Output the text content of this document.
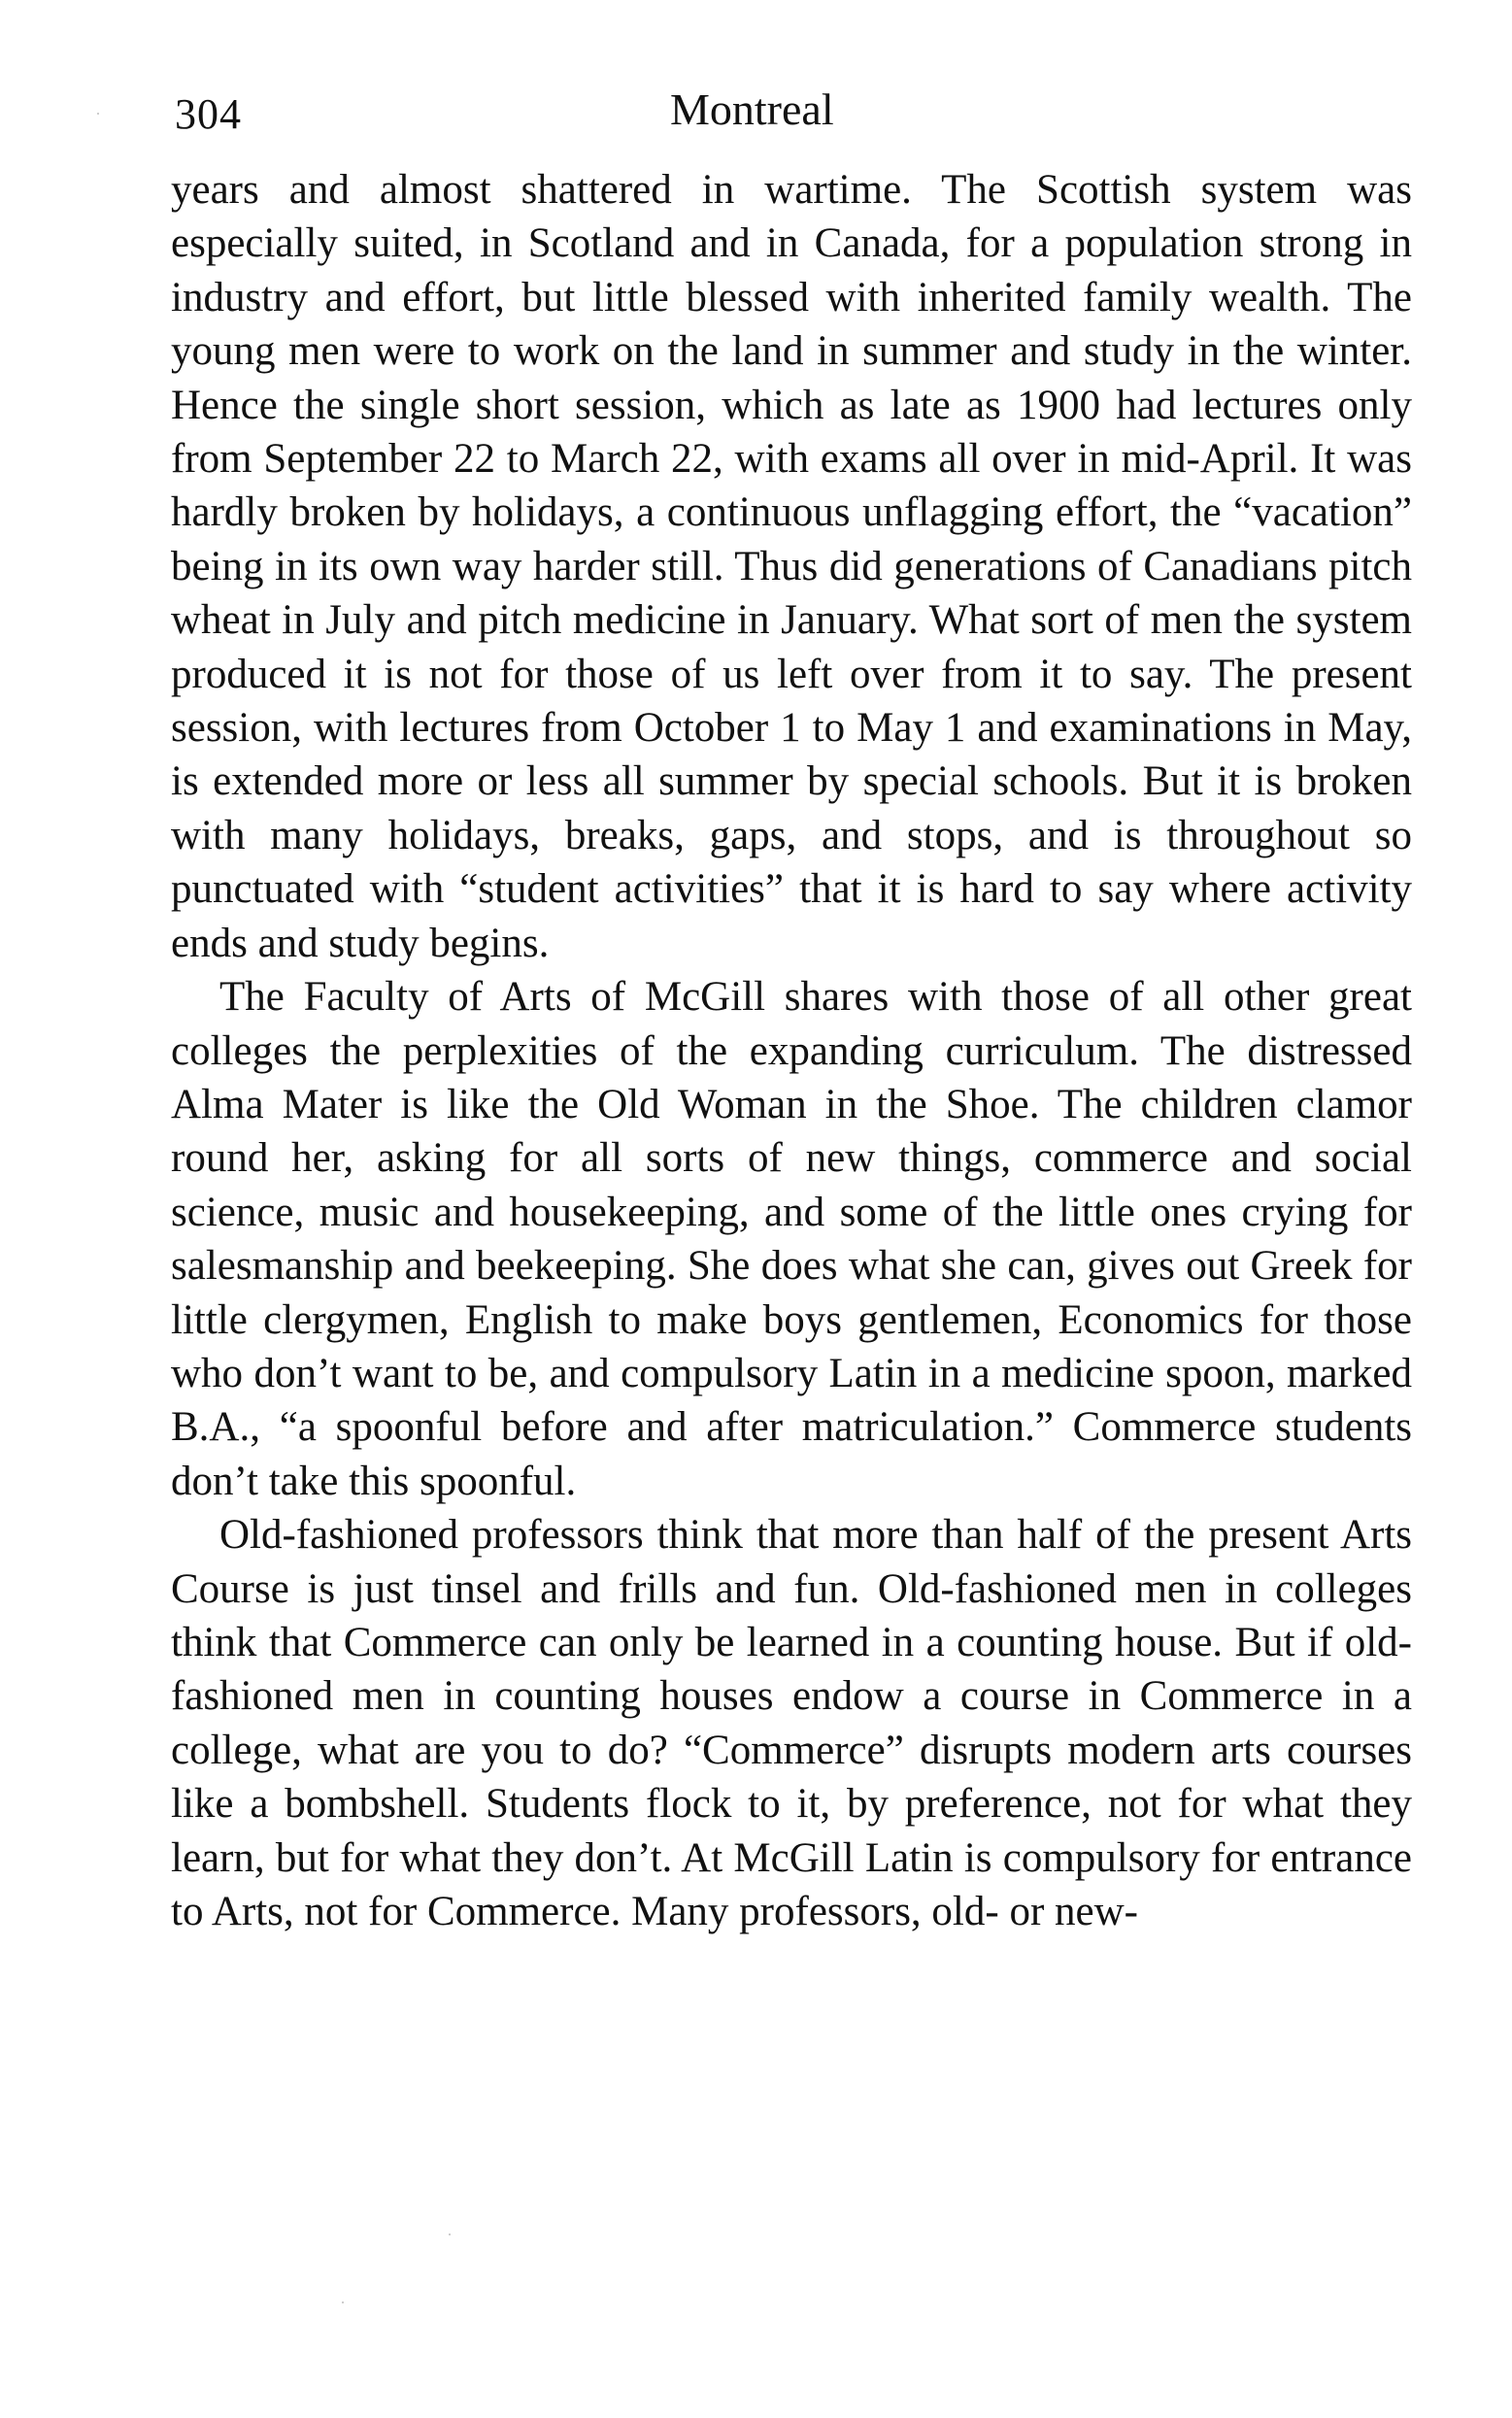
304	Montreal

years and almost shattered in wartime. The Scottish system was especially suited, in Scotland and in Canada, for a population strong in industry and effort, but little blessed with inherited family wealth. The young men were to work on the land in summer and study in the winter. Hence the single short session, which as late as 1900 had lectures only from September 22 to March 22, with exams all over in mid-April. It was hardly broken by holidays, a continuous unflagging effort, the “vacation” being in its own way harder still. Thus did generations of Canadians pitch wheat in July and pitch medicine in January. What sort of men the system produced it is not for those of us left over from it to say. The present session, with lectures from October 1 to May 1 and examinations in May, is extended more or less all summer by special schools. But it is broken with many holidays, breaks, gaps, and stops, and is throughout so punctuated with “student activities” that it is hard to say where activity ends and study begins.

The Faculty of Arts of McGill shares with those of all other great colleges the perplexities of the expanding curriculum. The distressed Alma Mater is like the Old Woman in the Shoe. The children clamor round her, asking for all sorts of new things, commerce and social science, music and housekeeping, and some of the little ones crying for salesmanship and beekeeping. She does what she can, gives out Greek for little clergymen, English to make boys gentlemen, Economics for those who don’t want to be, and compulsory Latin in a medicine spoon, marked B.A., “a spoonful before and after matriculation.” Commerce students don’t take this spoonful.

Old-fashioned professors think that more than half of the present Arts Course is just tinsel and frills and fun. Old-fashioned men in colleges think that Commerce can only be learned in a counting house. But if old-fashioned men in counting houses endow a course in Commerce in a college, what are you to do? “Commerce” disrupts modern arts courses like a bombshell. Students flock to it, by preference, not for what they learn, but for what they don’t. At McGill Latin is compulsory for entrance to Arts, not for Commerce. Many professors, old- or new-
